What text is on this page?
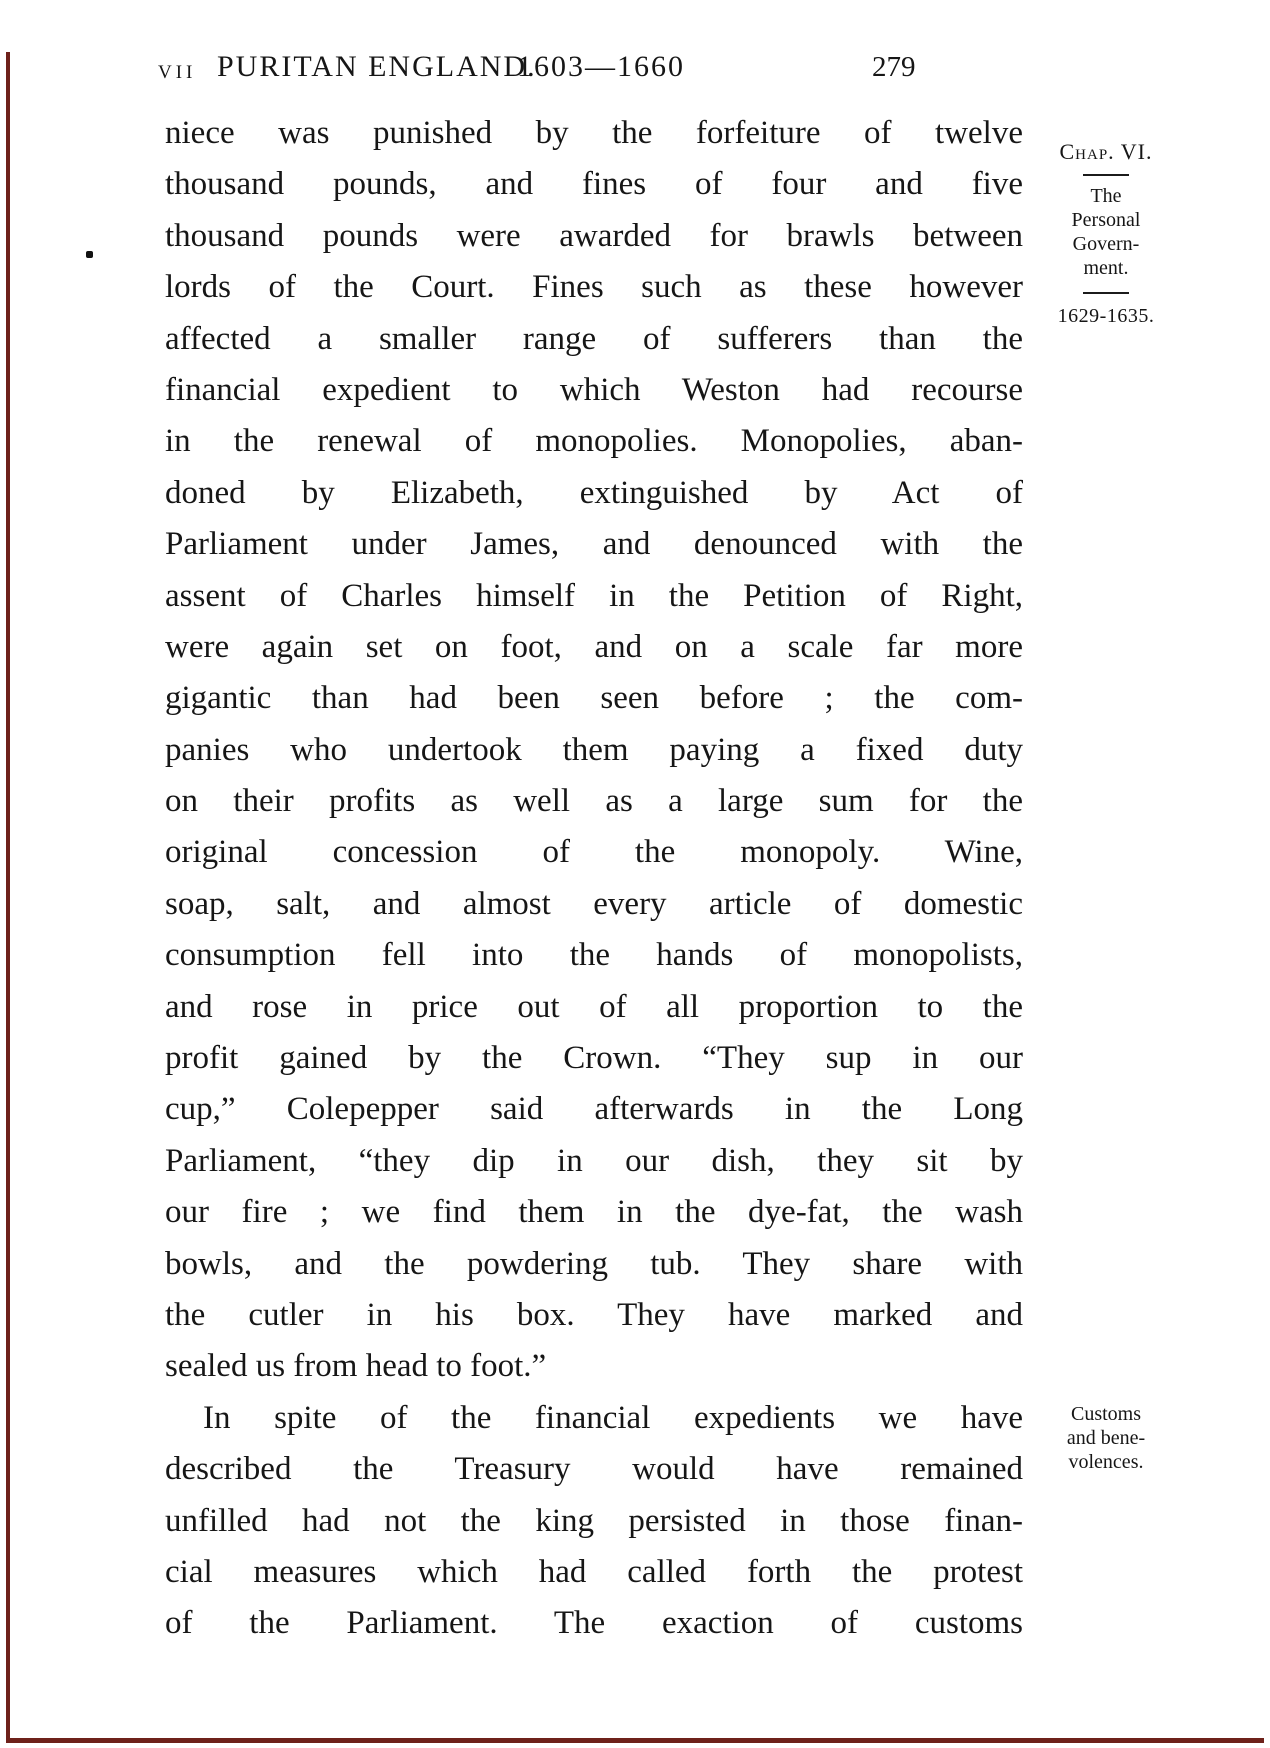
vii PURITAN ENGLAND.
1603—1660	279
niece was punished by the forfeiture of twelve
thousand pounds, and fines of four and five
thousand pounds were awarded for brawls between
lords of the Court. Fines such as these however
affected a smaller range of sufferers than the
financial expedient to which Weston had recourse
in the renewal of monopolies. Monopolies, aban-
doned by Elizabeth, extinguished by Act of
Parliament under James, and denounced with the
assent of Charles himself in the Petition of Right,
were again set on foot, and on a scale far more
gigantic than had been seen before ; the com-
panies who undertook them paying a fixed duty
on their profits as well as a large sum for the
original concession of the monopoly. Wine,
soap, salt, and almost every article of domestic
consumption fell into the hands of monopolists,
and rose in price out of all proportion to the
profit gained by the Crown. “They sup in our
cup,” Colepepper said afterwards in the Long
Parliament, “they dip in our dish, they sit by
our fire ; we find them in the dye-fat, the wash
bowls, and the powdering tub. They share with
the cutler in his box. They have marked and
sealed us from head to foot.”
In spite of the financial expedients we have
described the Treasury would have remained
unfilled had not the king persisted in those finan-
cial measures which had called forth the protest
of the Parliament. The exaction of customs
Chap. VI.
The
Personal
Govern-
ment.
1629-1635.
Customs
and bene-
volences.
